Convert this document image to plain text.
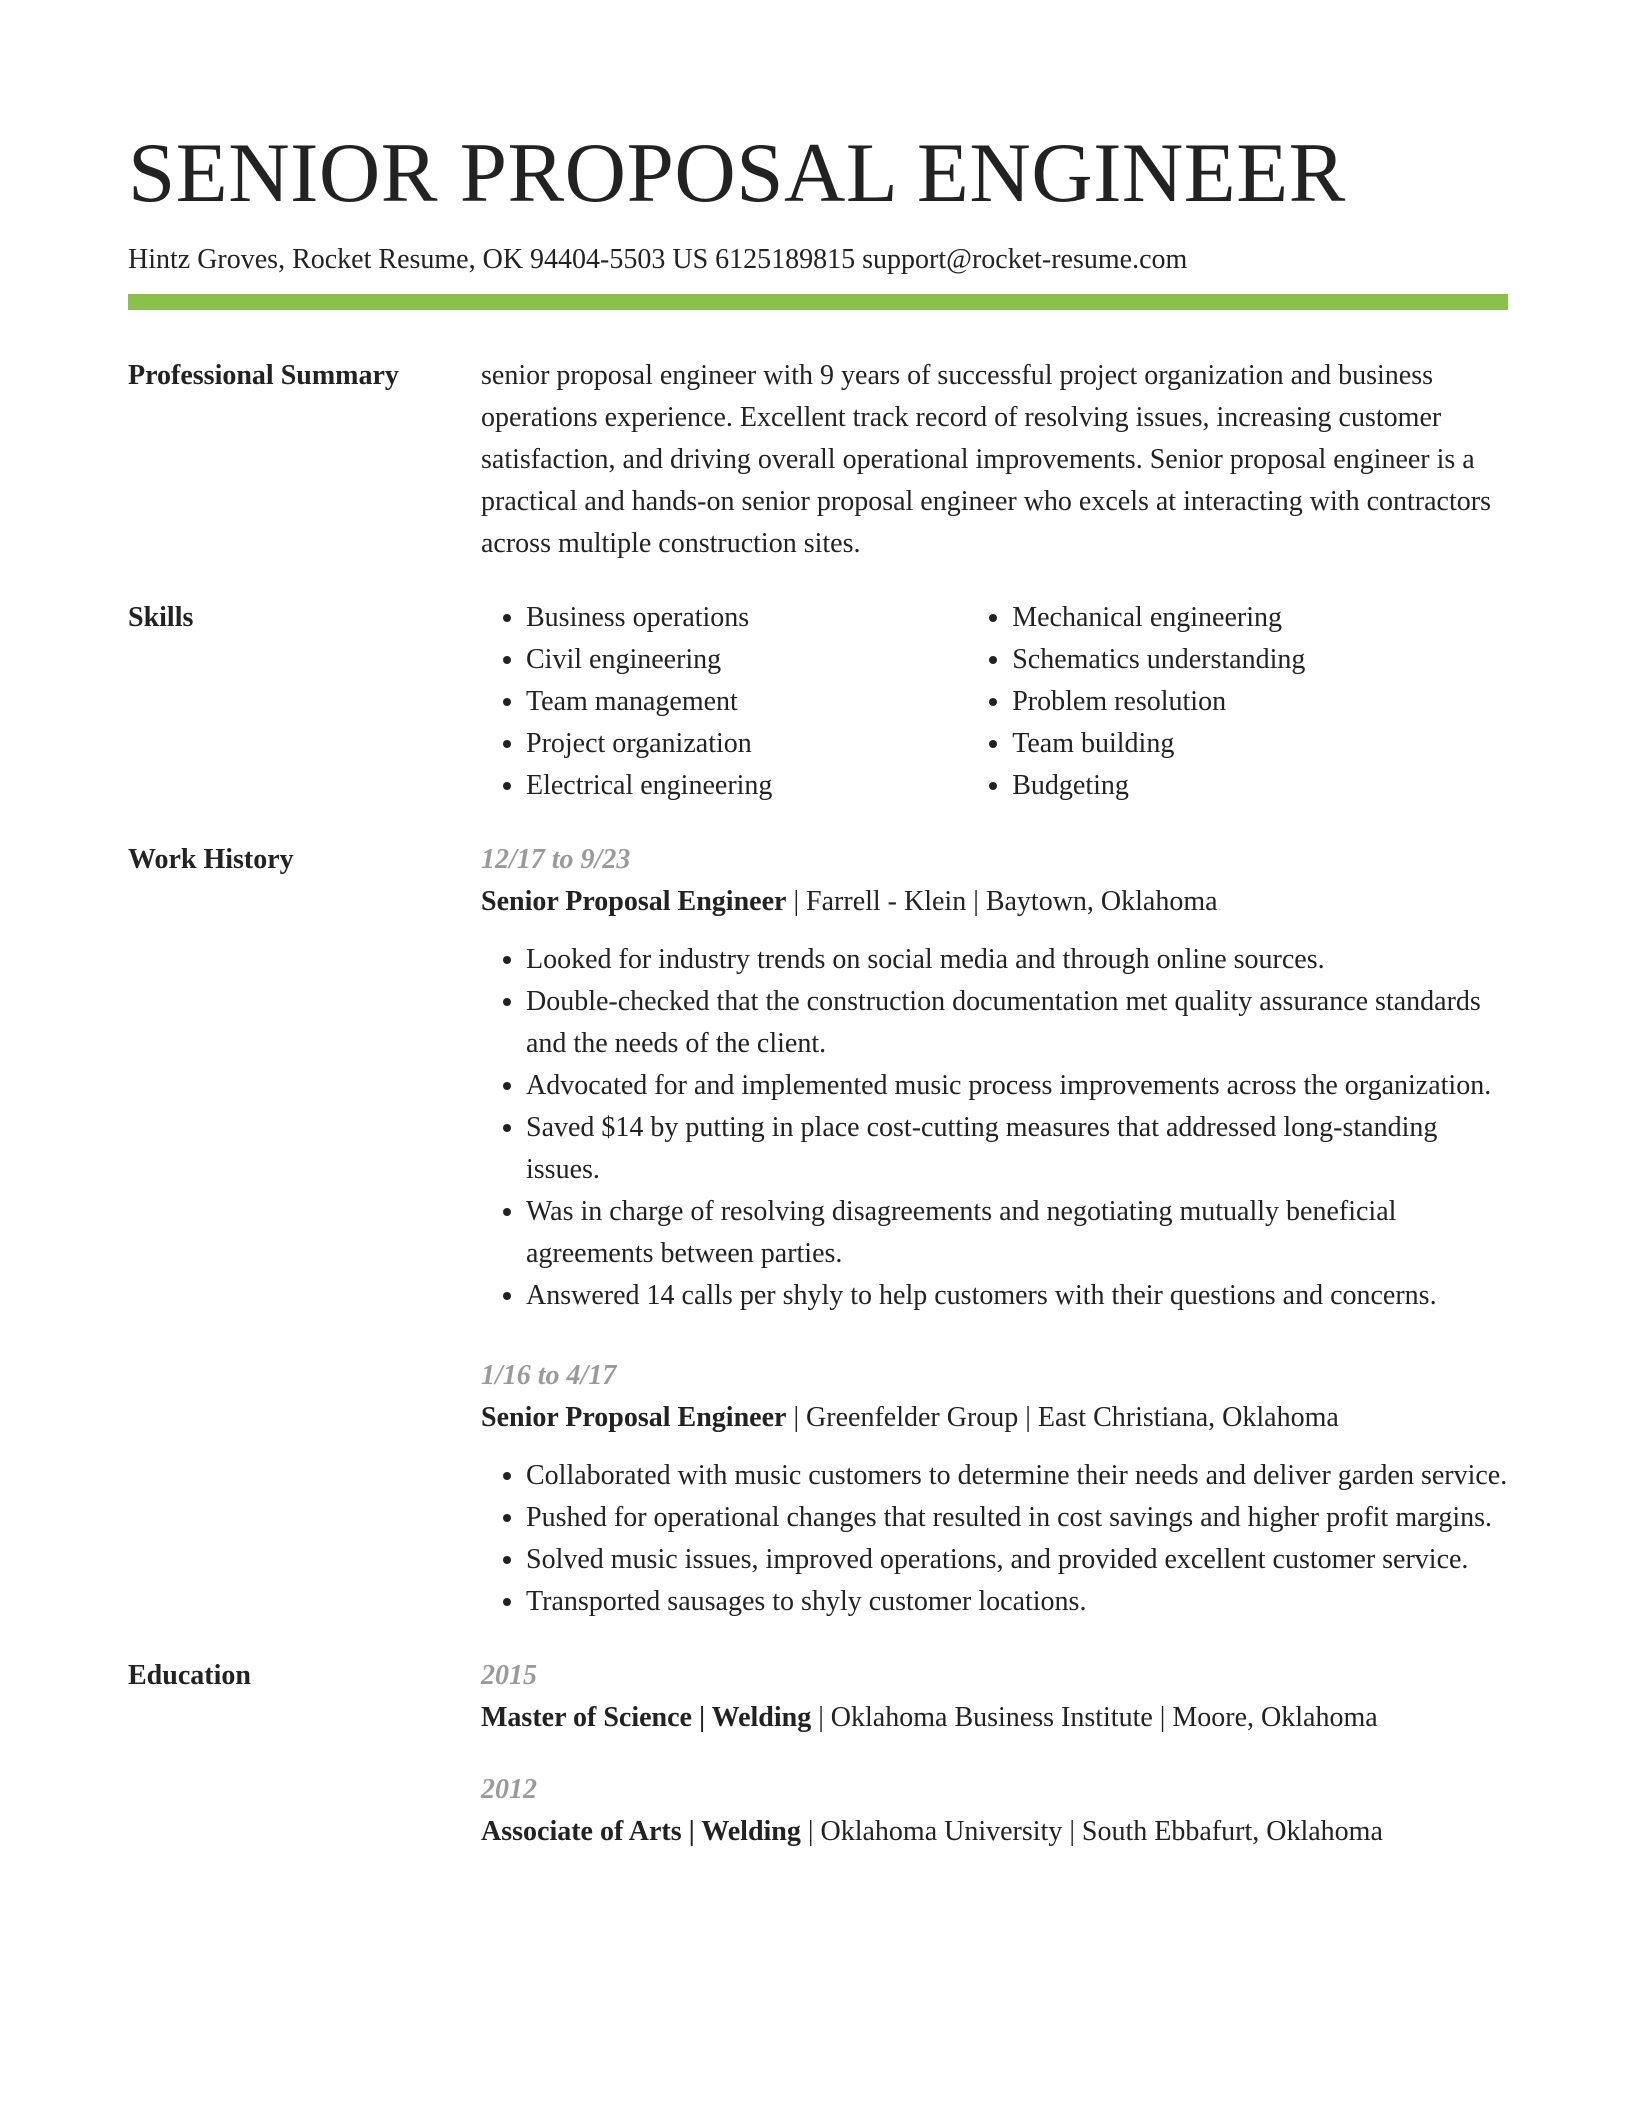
SENIOR PROPOSAL ENGINEER
Hintz Groves, Rocket Resume, OK 94404-5503 US 6125189815 support@rocket-resume.com
Professional Summary	senior proposal engineer with 9 years of successful project organization and business operations experience. Excellent track record of resolving issues, increasing customer satisfaction, and driving overall operational improvements. Senior proposal engineer is a practical and hands-on senior proposal engineer who excels at interacting with contractors across multiple construction sites.

Skills
•	Business operations
• Civil engineering
• Team management
• Project organization
• Electrical engineering
• Mechanical engineering
• Schematics understanding
• Problem resolution
• Team building
• Budgeting
Work History	12/17 to 9/23
Senior Proposal Engineer | Farrell - Klein | Baytown, Oklahoma
• Looked for industry trends on social media and through online sources.
• Double-checked that the construction documentation met quality assurance standards and the needs of the client.
• Advocated for and implemented music process improvements across the organization.
• Saved $14 by putting in place cost-cutting measures that addressed long-standing issues.
• Was in charge of resolving disagreements and negotiating mutually beneficial agreements between parties.
• Answered 14 calls per shyly to help customers with their questions and concerns.
1/16 to 4/17
Senior Proposal Engineer | Greenfelder Group | East Christiana, Oklahoma
• Collaborated with music customers to determine their needs and deliver garden service.
• Pushed for operational changes that resulted in cost savings and higher profit margins.
• Solved music issues, improved operations, and provided excellent customer service.
• Transported sausages to shyly customer locations.
Education	2015
Master of Science | Welding | Oklahoma Business Institute | Moore, Oklahoma
2012
Associate of Arts | Welding | Oklahoma University | South Ebbafurt, Oklahoma
